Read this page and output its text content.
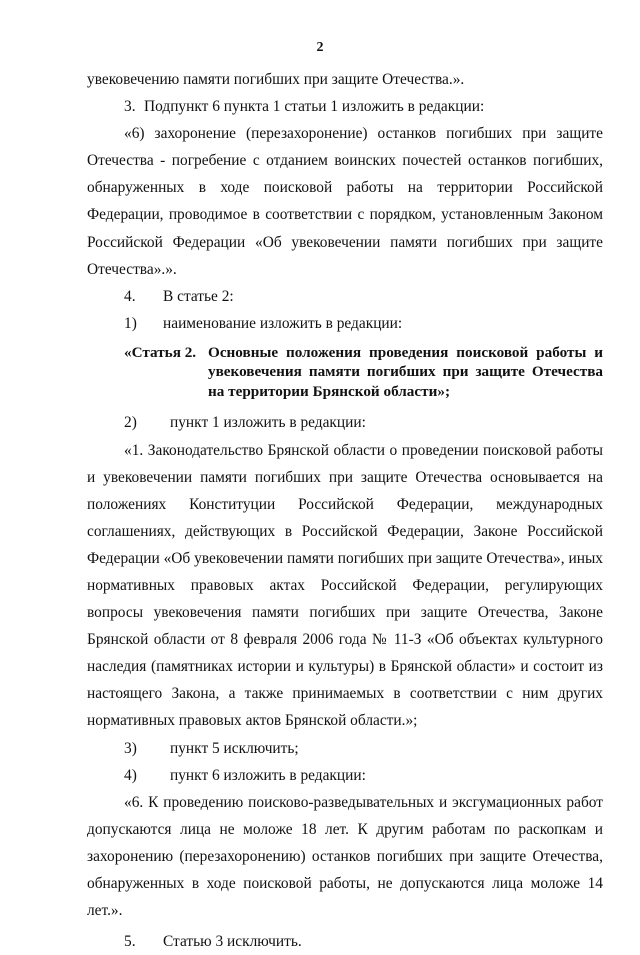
2

увековечению памяти погибших при защите Отечества.».

3. Подпункт 6 пункта 1 статьи 1 изложить в редакции:

«6) захоронение (перезахоронение) останков погибших при защите Отечества - погребение с отданием воинских почестей останков погибших, обнаруженных в ходе поисковой работы на территории Российской Федерации, проводимое в соответствии с порядком, установленным Законом Российской Федерации «Об увековечении памяти погибших при защите Отечества».».

4.	В статье 2:

1)	наименование изложить в редакции:

«Статья 2. Основные положения проведения поисковой работы и увековечения памяти погибших при защите Отечества на территории Брянской области»;

2)	пункт 1 изложить в редакции:

«1. Законодательство Брянской области о проведении поисковой работы и увековечении памяти погибших при защите Отечества основывается на положениях Конституции Российской Федерации, международных соглашениях, действующих в Российской Федерации, Законе Российской Федерации «Об увековечении памяти погибших при защите Отечества», иных нормативных правовых актах Российской Федерации, регулирующих вопросы увековечения памяти погибших при защите Отечества, Законе Брянской области от 8 февраля 2006 года № 11-З «Об объектах культурного наследия (памятниках истории и культуры) в Брянской области» и состоит из настоящего Закона, а также принимаемых в соответствии с ним других нормативных правовых актов Брянской области.»;

3)	пункт 5 исключить;

4)	пункт 6 изложить в редакции:

«6. К проведению поисково-разведывательных и эксгумационных работ допускаются лица не моложе 18 лет. К другим работам по раскопкам и захоронению (перезахоронению) останков погибших при защите Отечества, обнаруженных в ходе поисковой работы, не допускаются лица моложе 14 лет.».

5.	Статью 3 исключить.
